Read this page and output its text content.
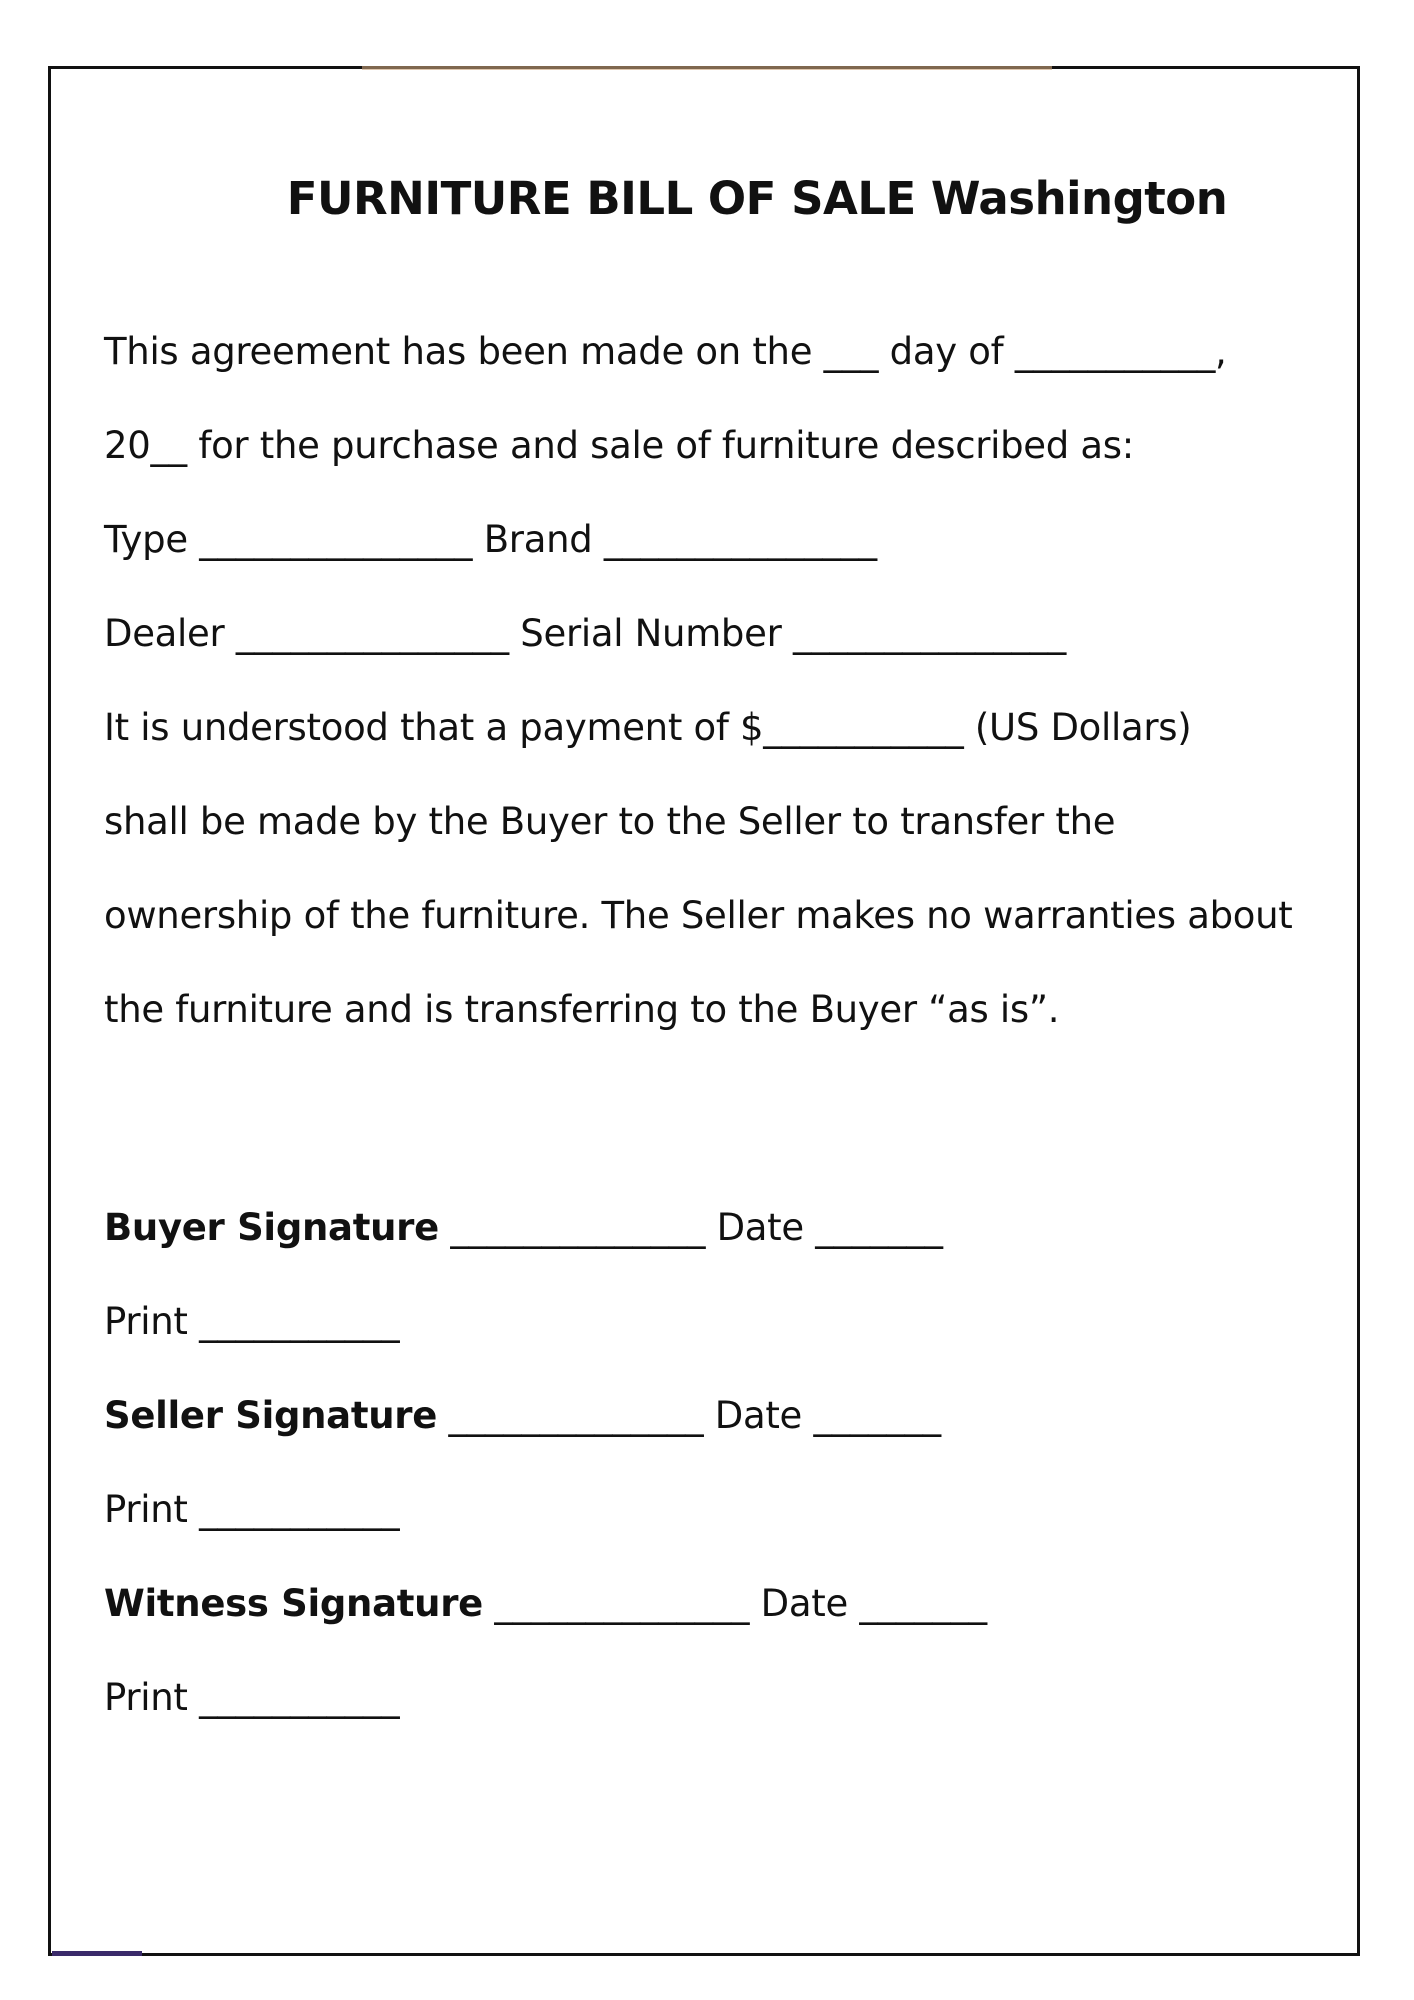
FURNITURE BILL OF SALE Washington
This agreement has been made on the ___ day of ___________,
20__ for the purchase and sale of furniture described as:
Type _______________ Brand _______________
Dealer _______________ Serial Number _______________
It is understood that a payment of $___________ (US Dollars)
shall be made by the Buyer to the Seller to transfer the
ownership of the furniture. The Seller makes no warranties about
the furniture and is transferring to the Buyer “as is”.
Buyer Signature ______________ Date _______
Print ___________
Seller Signature ______________ Date _______
Print ___________
Witness Signature ______________ Date _______
Print ___________
